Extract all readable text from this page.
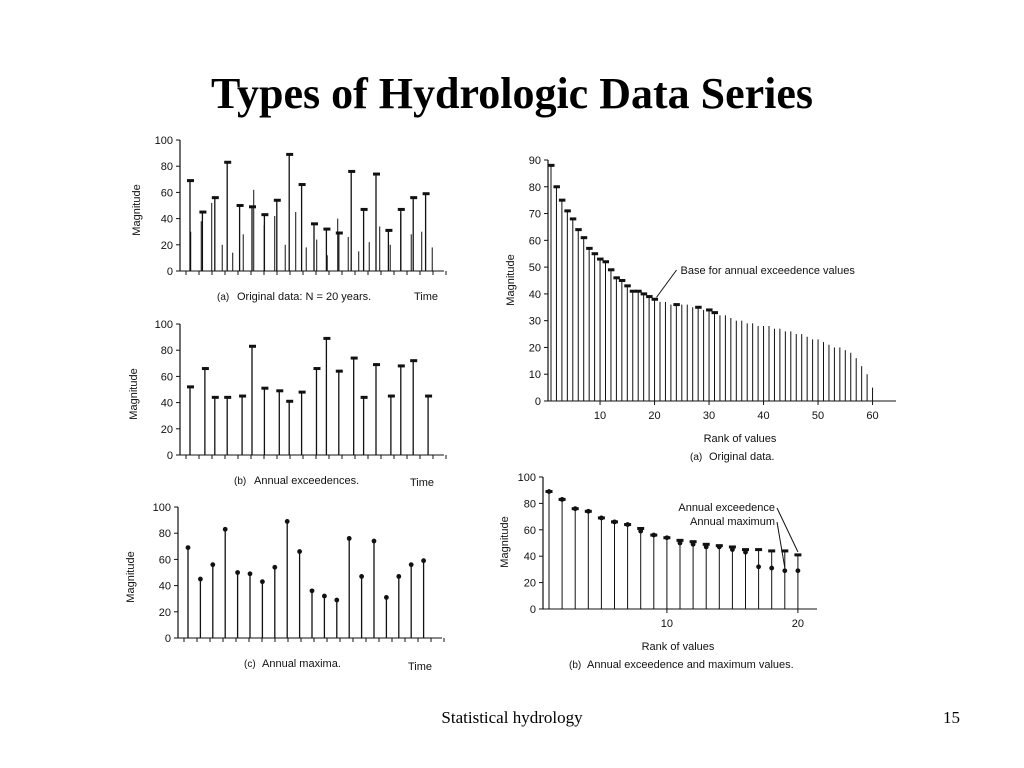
Types of Hydrologic Data Series
Magnitude
0
20
40
60
80
100
(a) Original data: N = 20 years.	Time
Magnitude
0
20
40
60
80
100
(b) Annual exceedences.	Time
Magnitude
0
20
40
60
80
100
(c) Annual maxima.	Time
Magnitude
0
10
20
30
40
50
60
70
80
90
10	20	30	40	50	60
Base for annual exceedence values
Rank of values
(a) Original data.
Magnitude
0
20
40
60
80
100
10	20
Annual exceedence
Annual maximum
Rank of values
(b) Annual exceedence and maximum values.
Statistical hydrology	15
